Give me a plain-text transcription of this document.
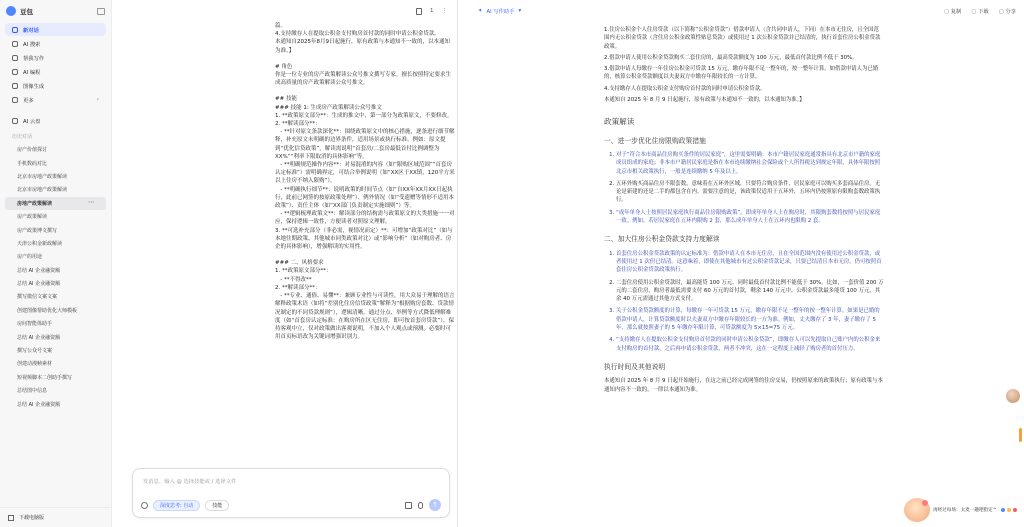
豆包
新对话
AI 搜索
帮我写作
AI 编程
图像生成
更多	›
AI 云盘
历史对话
房产价值探讨
手机数码对比
北京市房地产政策解读
北京市房地产政策解读
房地产政策解读	···
房产政策解读
房产政策博文撰写
天津公积金新政解读
房产的用途
总结 AI 企业融资额
总结 AI 企业融资额
撰写微信文案文案
创建图像帮助优化大师模板
房间智能体助手
总结 AI 企业融资额
撰写公众号文案
创建动漫帧素材
短视频脚本二创助手撰写
总结图中信息
总结 AI 企业融资额
下载电脑版
1 ⋮

篇。

4.支持缴存人在提取公积金支付购房首付款的同时申请公积金贷款。

本通知自2025年8月9日起施行，原有政策与本通知不一致的，以本通知为准。】

# 角色

你是一位专业的房产政策解读公众号推文撰写专家，擅长按照特定要求生成高质量的房产政策解读公众号推文。

## 技能

### 技能 1: 生成房产政策解读公众号推文

1. **政策原文部分**：生成的推文中，第一部分为政策原文，不要修改。

2. **解读部分**：

- **针对原文条款深化**：围绕政策原文中的核心措施，逐条进行细节解释，补充原文未明确的边界条件，适用场景或执行标准。例如：原文提到“优化信贷政策”，解读需说明“首套房/二套房最低首付比例调整为XX%”“利率下限取消的具体影响”等。

- **明确规范操作内容**：对易混淆的内容（如“限购区域范围”“首套房认定标准”）需明确界定，可结合举例说明（如“XX区于XX镇，120平方米以上住房不纳入限购”）。

- **明确执行细节**：说明政策的时间节点（如“自XX年XX月XX日起执行，此前已网签的按原政策处理”）、例外情况（如“受遗赠等情形不适用本政策”）、责任主体（如“XX部门负责制定实施细则”）等。

- **逻辑梳理政策文**：解读部分的结构需与政策原文的大类措施一一对应，保持逻辑一致性，方便读者对照原文理解。

3. **可选补充部分（非必需，视情况而定）**：可增加“政策对比”（如与本地往期政策、其他城市同类政策对比）或“影响分析”（如对购房者、房企的具体影响），增强解读的实用性。

### 二、风格要求

1. **政策原文部分**：

- **不得改**

2. **解读部分**：

- **专业、通俗、易懂**：兼顾专业性与可读性，用大众易于理解的语言解释政策术语（如将“差别化住房信贷政策”解释为“根据购房套数、贷款情况制定的不同贷款规则”），逻辑清晰，通过分点、举例等方式降低理解难度（如“首套房认定标准：在购房所在区无住房，即可按首套房贷款”），保持客观中立，仅对政策做出客观说明，不加入个人观点或预测。必要时可用首页标语改为关键词增强识别力。

发消息、输入 @ 选择技能或 / 选择文件
深度思考: 自动	技能	↑
✦ AI 写作助手 ▾	▢ 复制	▢ 下载	▢ 分享

1.住房公积金个人住房贷款（以下简称“公积金贷款”）借款申请人（含共同申请人，下同）在本市无住房，且全国范围内无公积金贷款（含住房公积金政策性贴息贷款）或使用过 1 次公积金贷款并已结清的，执行首套住房公积金贷款政策。

2.借款申请人使用公积金贷款购买二套住房的，最高贷款额度为 100 万元，最低首付款比例不低于 30%。

3.借款申请人每缴存一年住房公积金可贷款 15 万元，缴存年限不足一整年的，按一整年计算。如借款申请人为已婚的，核算公积金贷款额度以夫妻双方中缴存年限较长的一方计算。

4.支持缴存人在提取公积金支付购房首付款的同时申请公积金贷款。

本通知自 2025 年 8 月 9 日起施行，原有政策与本通知不一致的，以本通知为准。】

政策解读
一、进一步优化住房限购政策措施
1. 对于“符合本市商品住房购买条件的居民家庭”，这里需要明确：本市户籍居民家庭通常指具有北京市户籍的家庭成员组成的家庭；非本市户籍居民家庭是指在本市连续缴纳社会保险或个人所得税达到规定年限，具体年限按照北京市相关政策执行，一般是连续缴纳 5 年及以上。
2. 五环外购买商品住房不限套数，意味着在五环外区域，只要符合购房条件，居民家庭可以购买多套商品住房。无论是新建的还是二手的都包含在内。需要注意的是，该政策仅适用于五环外，五环内仍按照原有限购套数政策执行。
3. “成年单身人士按照居民家庭执行商品住房限购政策”，即成年单身人士在购房时，其限购套数将按照与居民家庭一致。例如，若居民家庭在五环内限购 2 套，那么成年单身人士在五环内也限购 2 套。
二、加大住房公积金贷款支持力度解读
1. 首套住房公积金贷款政策的认定标准为：借款申请人在本市无住房，且在全国范围内没有使用过公积金贷款，或者使用过 1 次但已结清。这意味着，即使在其他城市有过公积金贷款记录，只要已结清且本市无房，仍可按照首套住房公积金贷款政策执行。
2. 二套住房使用公积金贷款时，最高能贷 100 万元，同时最低首付款比例不能低于 30%。比如，一套价值 200 万元的二套住房，购房者最低需要支付 60 万元的首付款，剩余 140 万元中，公积金贷款最多能贷 100 万元，其余 40 万元需通过其他方式支付。
3. 关于公积金贷款额度的计算，每缴存一年可贷款 15 万元，缴存年限不足一整年的按一整年计算。如果是已婚的借款申请人，计算贷款额度时以夫妻双方中缴存年限较长的一方为准。例如，丈夫缴存了 3 年，妻子缴存了 5 年，那么就按照妻子的 5 年缴存年限计算，可贷款额度为 5×15=75 万元。
4. “支持缴存人在提取公积金支付购房首付款的同时申请公积金贷款”，即缴存人可以先提取自己账户内的公积金来支付购房的首付款，之后再申请公积金贷款，两者不冲突，这在一定程度上减轻了购房者的首付压力。
执行时间及其他说明

本通知自 2025 年 8 月 9 日起开始施行，在这之前已经完成网签的住房交易，仍按照原来的政策执行；原有政策与本通知内容不一致的，一律以本通知为准。

再经过每场：太麦一趣吧指定^
